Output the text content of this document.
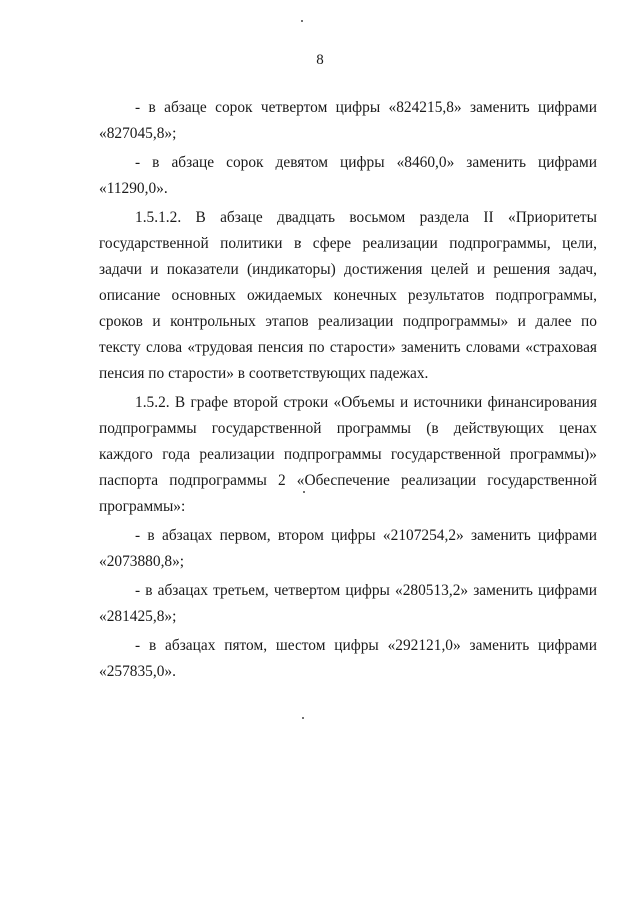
8

- в абзаце сорок четвертом цифры «824215,8» заменить цифрами «827045,8»;

- в абзаце сорок девятом цифры «8460,0» заменить цифрами «11290,0».

1.5.1.2. В абзаце двадцать восьмом раздела II «Приоритеты государственной политики в сфере реализации подпрограммы, цели, задачи и показатели (индикаторы) достижения целей и решения задач, описание основных ожидаемых конечных результатов подпрограммы, сроков и контрольных этапов реализации подпрограммы» и далее по тексту слова «трудовая пенсия по старости» заменить словами «страховая пенсия по старости» в соответствующих падежах.

1.5.2. В графе второй строки «Объемы и источники финансирования подпрограммы государственной программы (в действующих ценах каждого года реализации подпрограммы государственной программы)» паспорта подпрограммы 2 «Обеспечение реализации государственной программы»:

- в абзацах первом, втором цифры «2107254,2» заменить цифрами «2073880,8»;

- в абзацах третьем, четвертом цифры «280513,2» заменить цифрами «281425,8»;

- в абзацах пятом, шестом цифры «292121,0» заменить цифрами «257835,0».
